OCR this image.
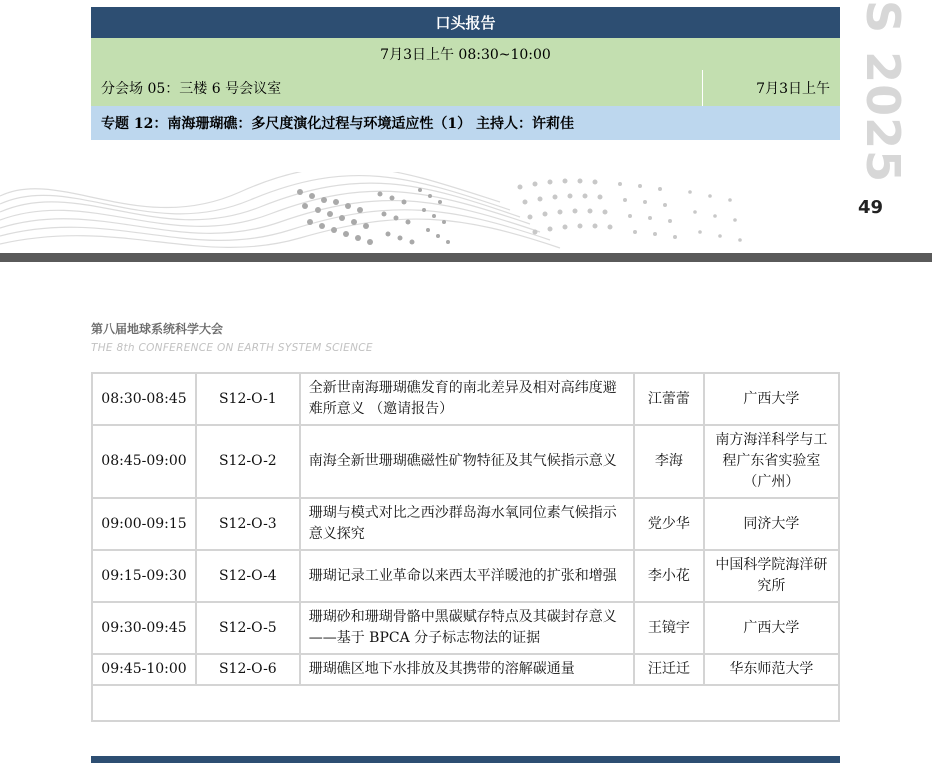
口头报告
7月3日上午 08:30~10:00
分会场 05：三楼 6 号会议室	7月3日上午
专题 12：南海珊瑚礁：多尺度演化过程与环境适应性（1） 主持人：许莉佳	S 2025
49
第八届地球系统科学大会
THE 8th CONFERENCE ON EARTH SYSTEM SCIENCE
08:30-08:45	S12-O-1	全新世南海珊瑚礁发育的南北差异及相对高纬度避难所意义 （邀请报告）	江蕾蕾	广西大学
08:45-09:00	S12-O-2	南海全新世珊瑚礁磁性矿物特征及其气候指示意义	李海	南方海洋科学与工程广东省实验室（广州）
09:00-09:15	S12-O-3	珊瑚与模式对比之西沙群岛海水氧同位素气候指示意义探究	党少华	同济大学
09:15-09:30	S12-O-4	珊瑚记录工业革命以来西太平洋暖池的扩张和增强	李小花	中国科学院海洋研究所
09:30-09:45	S12-O-5	珊瑚砂和珊瑚骨骼中黑碳赋存特点及其碳封存意义——基于 BPCA 分子标志物法的证据	王镜宇	广西大学
09:45-10:00	S12-O-6	珊瑚礁区地下水排放及其携带的溶解碳通量	汪迁迁	华东师范大学
